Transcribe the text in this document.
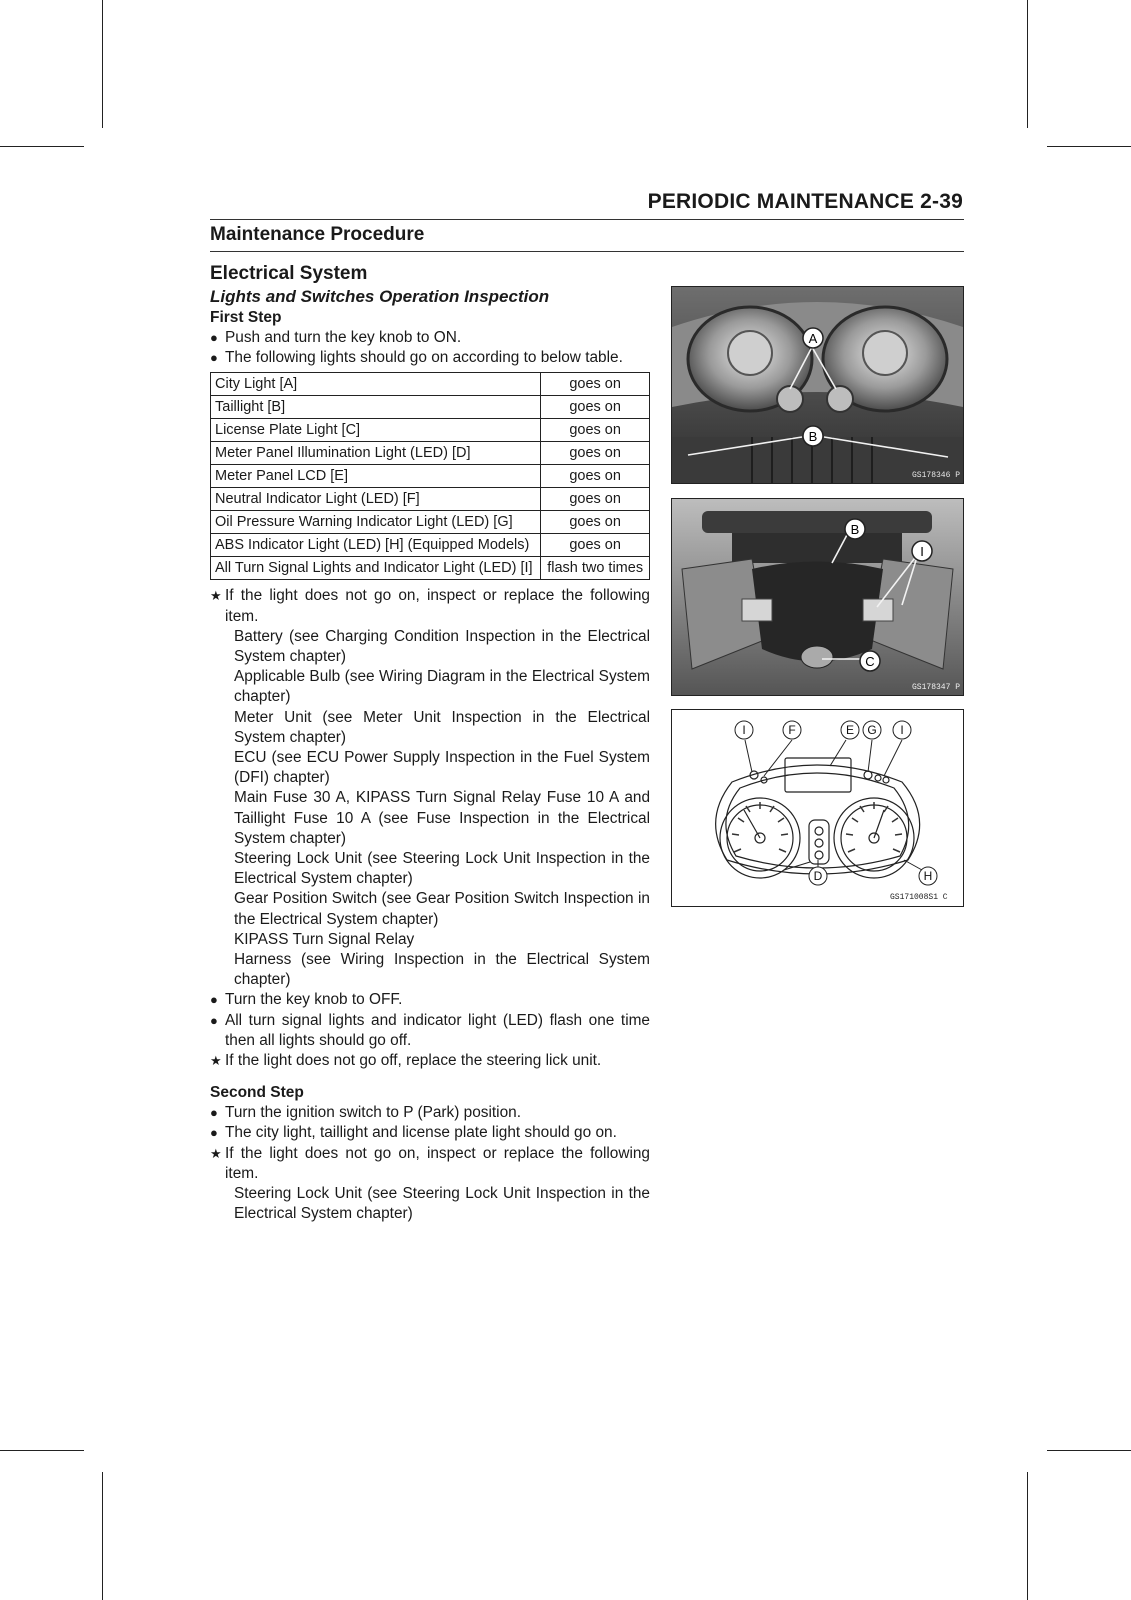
PERIODIC MAINTENANCE 2-39
Maintenance Procedure
Electrical System
Lights and Switches Operation Inspection
First Step
● Push and turn the key knob to ON.
● The following lights should go on according to below table.
City Light [A]	goes on
Taillight [B]	goes on
License Plate Light [C]	goes on
Meter Panel Illumination Light (LED) [D]	goes on
Meter Panel LCD [E]	goes on
Neutral Indicator Light (LED) [F]	goes on
Oil Pressure Warning Indicator Light (LED) [G]	goes on
ABS Indicator Light (LED) [H] (Equipped Models)	goes on
All Turn Signal Lights and Indicator Light (LED) [I]	flash two times
★ If the light does not go on, inspect or replace the following item.
Battery (see Charging Condition Inspection in the Electrical System chapter)
Applicable Bulb (see Wiring Diagram in the Electrical System chapter)
Meter Unit (see Meter Unit Inspection in the Electrical System chapter)
ECU (see ECU Power Supply Inspection in the Fuel System (DFI) chapter)
Main Fuse 30 A, KIPASS Turn Signal Relay Fuse 10 A and Taillight Fuse 10 A (see Fuse Inspection in the Electrical System chapter)
Steering Lock Unit (see Steering Lock Unit Inspection in the Electrical System chapter)
Gear Position Switch (see Gear Position Switch Inspection in the Electrical System chapter)
KIPASS Turn Signal Relay
Harness (see Wiring Inspection in the Electrical System chapter)
● Turn the key knob to OFF.
● All turn signal lights and indicator light (LED) flash one time then all lights should go off.
★ If the light does not go off, replace the steering lick unit.
Second Step
● Turn the ignition switch to P (Park) position.
● The city light, taillight and license plate light should go on.
★ If the light does not go on, inspect or replace the following item.
Steering Lock Unit (see Steering Lock Unit Inspection in the Electrical System chapter)
A
B
GS178346 P
B
I
C
GS178347 P
I	F	E G I
D	H
GS171008S1 C
